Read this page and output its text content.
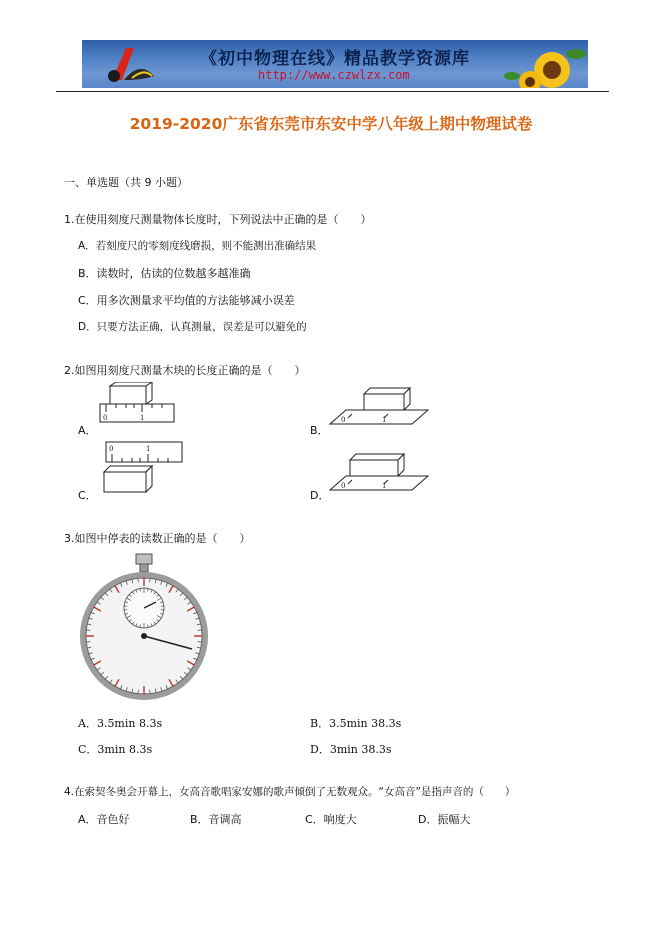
《初中物理在线》精品教学资源库
http://www.czwlzx.com
2019-2020广东省东莞市东安中学八年级上期中物理试卷
一、单选题（共 9 小题）
1.在使用刻度尺测量物体长度时，下列说法中正确的是（　　）
A．若刻度尺的零刻度线磨损，则不能测出准确结果
B．读数时，估读的位数越多越准确
C．用多次测量求平均值的方法能够减小误差
D．只要方法正确，认真测量，误差是可以避免的
2.如图用刻度尺测量木块的长度正确的是（　　）
A．
0	1
B．
0	1
C．
0	1
D．
0	1
3.如图中停表的读数正确的是（　　）
A．3.5min 8.3s	B．3.5min 38.3s
C．3min 8.3s	D．3min 38.3s
4.在索契冬奥会开幕上，女高音歌唱家安娜的歌声倾倒了无数观众。“女高音”是指声音的（　　）
A．音色好	B．音调高	C．响度大	D．振幅大
